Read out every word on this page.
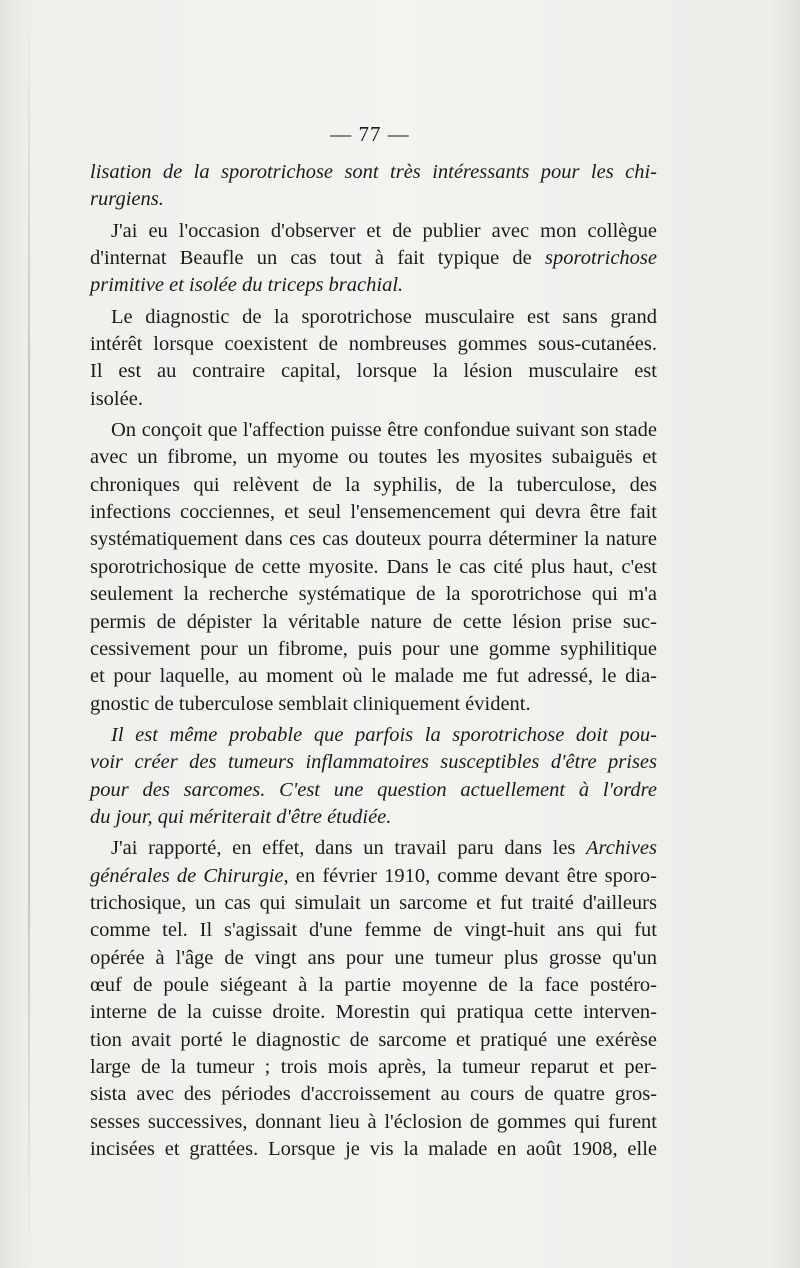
— 77 —
lisation de la sporotrichose sont très intéressants pour les chi-
rurgiens.
J'ai eu l'occasion d'observer et de publier avec mon collègue
d'internat Beaufle un cas tout à fait typique de sporotrichose
primitive et isolée du triceps brachial.
Le diagnostic de la sporotrichose musculaire est sans grand
intérêt lorsque coexistent de nombreuses gommes sous-cutanées.
Il est au contraire capital, lorsque la lésion musculaire est
isolée.
On conçoit que l'affection puisse être confondue suivant son stade
avec un fibrome, un myome ou toutes les myosites subaiguës et
chroniques qui relèvent de la syphilis, de la tuberculose, des
infections cocciennes, et seul l'ensemencement qui devra être fait
systématiquement dans ces cas douteux pourra déterminer la nature
sporotrichosique de cette myosite. Dans le cas cité plus haut, c'est
seulement la recherche systématique de la sporotrichose qui m'a
permis de dépister la véritable nature de cette lésion prise suc-
cessivement pour un fibrome, puis pour une gomme syphilitique
et pour laquelle, au moment où le malade me fut adressé, le dia-
gnostic de tuberculose semblait cliniquement évident.
Il est même probable que parfois la sporotrichose doit pou-
voir créer des tumeurs inflammatoires susceptibles d'être prises
pour des sarcomes. C'est une question actuellement à l'ordre
du jour, qui mériterait d'être étudiée.
J'ai rapporté, en effet, dans un travail paru dans les Archives
générales de Chirurgie, en février 1910, comme devant être sporo-
trichosique, un cas qui simulait un sarcome et fut traité d'ailleurs
comme tel. Il s'agissait d'une femme de vingt-huit ans qui fut
opérée à l'âge de vingt ans pour une tumeur plus grosse qu'un
œuf de poule siégeant à la partie moyenne de la face postéro-
interne de la cuisse droite. Morestin qui pratiqua cette interven-
tion avait porté le diagnostic de sarcome et pratiqué une exérèse
large de la tumeur ; trois mois après, la tumeur reparut et per-
sista avec des périodes d'accroissement au cours de quatre gros-
sesses successives, donnant lieu à l'éclosion de gommes qui furent
incisées et grattées. Lorsque je vis la malade en août 1908, elle
